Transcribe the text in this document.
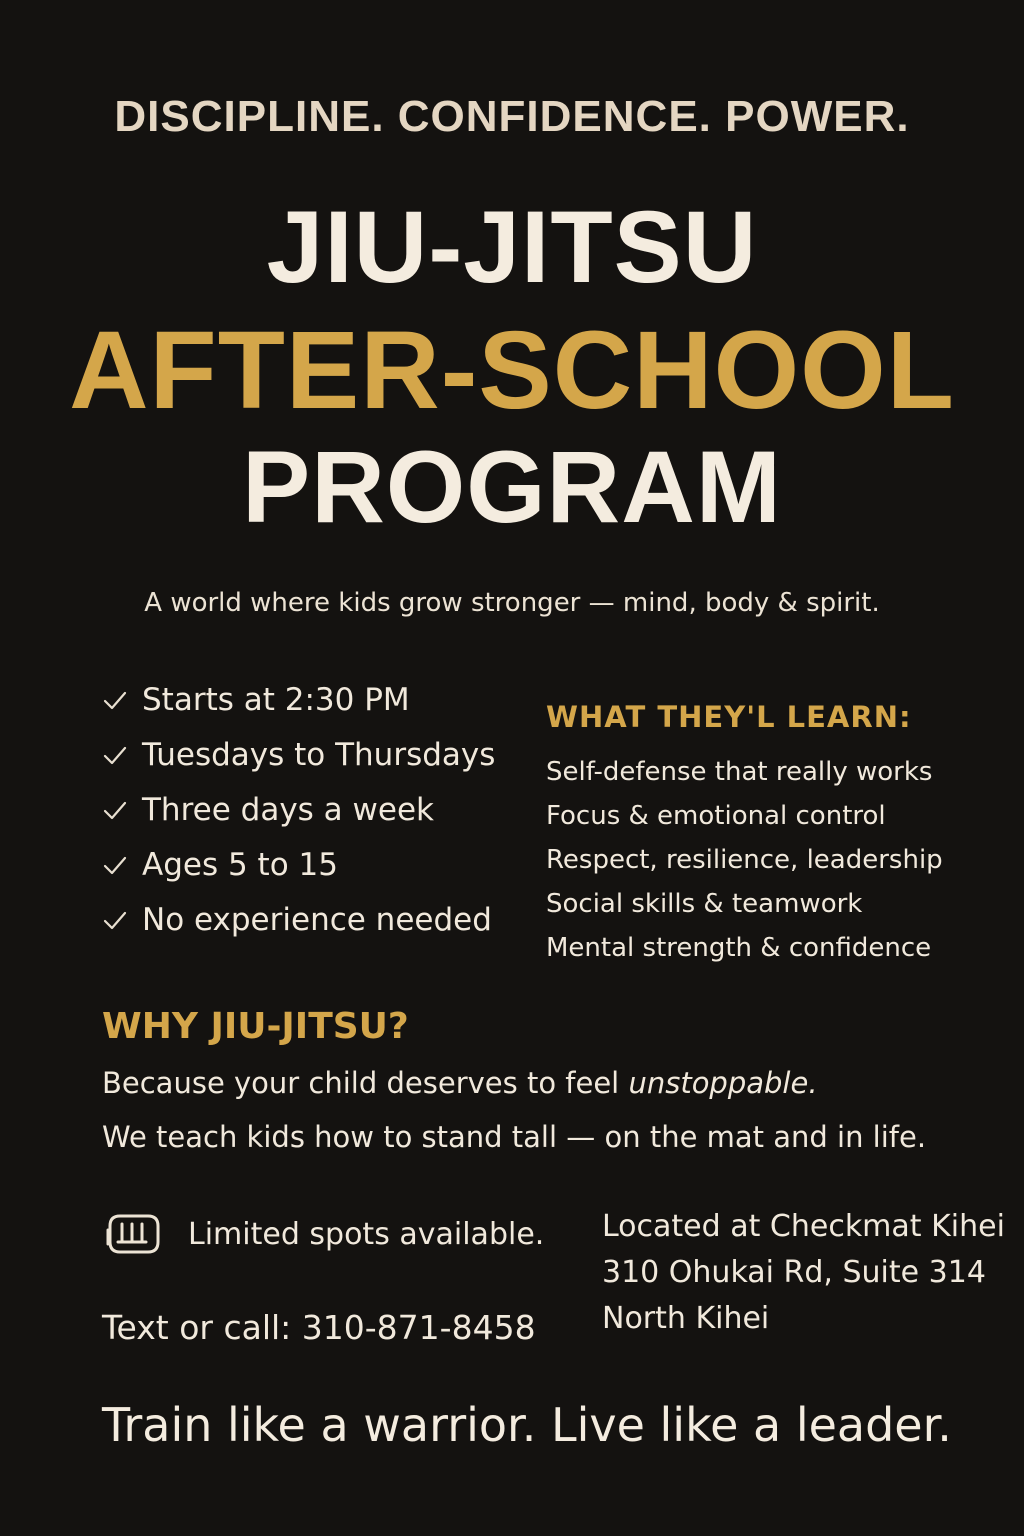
DISCIPLINE. CONFIDENCE. POWER.
JIU-JITSU
AFTER-SCHOOL
PROGRAM
A world where kids grow stronger — mind, body & spirit.
Starts at 2:30 PM
Tuesdays to Thursdays
Three days a week
Ages 5 to 15
No experience needed
WHAT THEY'L LEARN:
Self-defense that really works
Focus & emotional control
Respect, resilience, leadership
Social skills & teamwork
Mental strength & confidence
WHY JIU-JITSU?
Because your child deserves to feel unstoppable.
We teach kids how to stand tall — on the mat and in life.
Limited spots available.
Text or call: 310-871-8458
Located at Checkmat Kihei
310 Ohukai Rd, Suite 314
North Kihei
Train like a warrior. Live like a leader.
